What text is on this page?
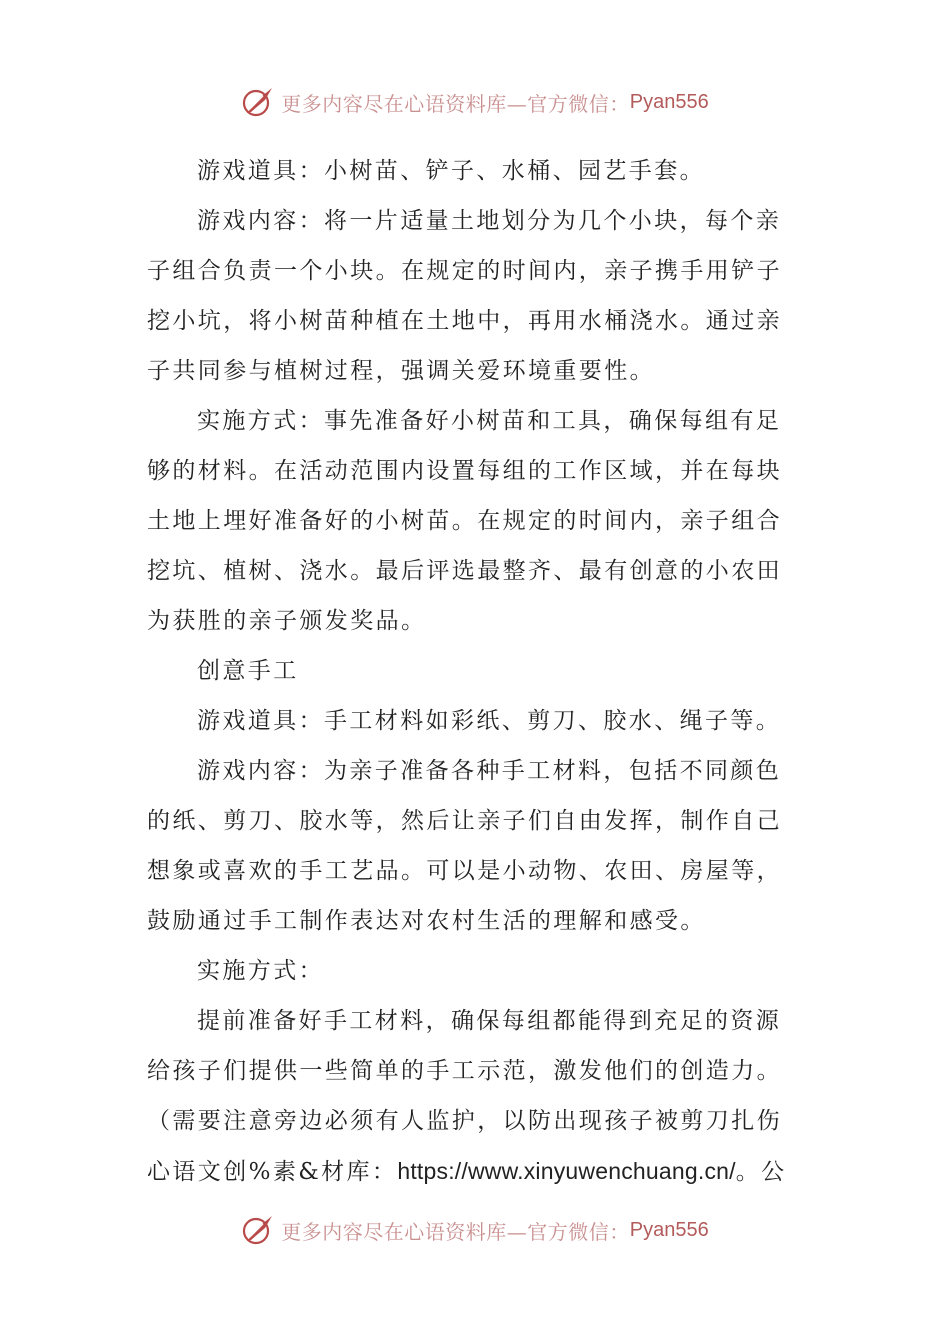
更多内容尽在心语资料库—官方微信： Pyan556

游戏道具：小树苗、铲子、水桶、园艺手套。

游戏内容：将一片适量土地划分为几个小块，每个亲
子组合负责一个小块。在规定的时间内，亲子携手用铲子
挖小坑，将小树苗种植在土地中，再用水桶浇水。通过亲
子共同参与植树过程，强调关爱环境重要性。

实施方式：事先准备好小树苗和工具，确保每组有足
够的材料。在活动范围内设置每组的工作区域，并在每块
土地上埋好准备好的小树苗。在规定的时间内，亲子组合
挖坑、植树、浇水。最后评选最整齐、最有创意的小农田
为获胜的亲子颁发奖品。

创意手工

游戏道具：手工材料如彩纸、剪刀、胶水、绳子等。

游戏内容：为亲子准备各种手工材料，包括不同颜色
的纸、剪刀、胶水等，然后让亲子们自由发挥，制作自己
想象或喜欢的手工艺品。可以是小动物、农田、房屋等，
鼓励通过手工制作表达对农村生活的理解和感受。

实施方式：

提前准备好手工材料，确保每组都能得到充足的资源
给孩子们提供一些简单的手工示范，激发他们的创造力。
（需要注意旁边必须有人监护，以防出现孩子被剪刀扎伤
心语文创%素&材库：https://www.xinyuwenchuang.cn/。公

更多内容尽在心语资料库—官方微信： Pyan556
